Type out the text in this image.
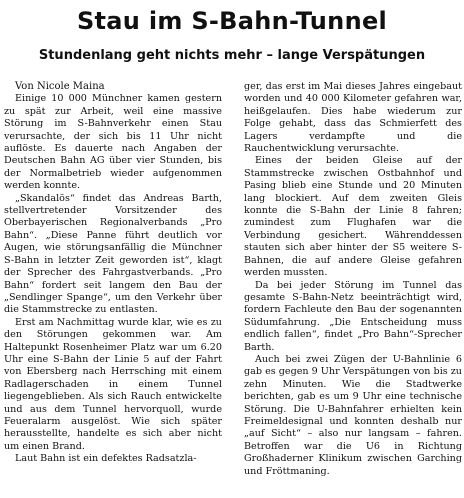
Stau im S-Bahn-Tunnel
Stundenlang geht nichts mehr – lange Verspätungen

Von Nicole Maina

Einige 10 000 Münchner kamen gestern zu spät zur Arbeit, weil eine massive Störung im S-Bahnverkehr einen Stau verursachte, der sich bis 11 Uhr nicht auflöste. Es dauerte nach Angaben der Deutschen Bahn AG über vier Stunden, bis der Normalbetrieb wieder aufgenommen werden konnte.

„Skandalös“ findet das Andreas Barth, stellvertretender Vorsitzender des Oberbayerischen Regionalverbands „Pro Bahn“. „Diese Panne führt deutlich vor Augen, wie störungsanfällig die Münchner S-Bahn in letzter Zeit geworden ist“, klagt der Sprecher des Fahrgastverbands. „Pro Bahn“ fordert seit langem den Bau der „Sendlinger Spange“, um den Verkehr über die Stammstrecke zu entlasten.

Erst am Nachmittag wurde klar, wie es zu den Störungen gekommen war. Am Haltepunkt Rosenheimer Platz war um 6.20 Uhr eine S-Bahn der Linie 5 auf der Fahrt von Ebersberg nach Herrsching mit einem Radlagerschaden in einem Tunnel liegengeblieben. Als sich Rauch entwickelte und aus dem Tunnel hervorquoll, wurde Feueralarm ausgelöst. Wie sich später herausstellte, handelte es sich aber nicht um einen Brand.

Laut Bahn ist ein defektes Radsatzla-

ger, das erst im Mai dieses Jahres eingebaut worden und 40 000 Kilometer gefahren war, heißgelaufen. Dies habe wiederum zur Folge gehabt, dass das Schmierfett des Lagers verdampfte und die Rauchentwicklung verursachte.

Eines der beiden Gleise auf der Stammstrecke zwischen Ostbahnhof und Pasing blieb eine Stunde und 20 Minuten lang blockiert. Auf dem zweiten Gleis konnte die S-Bahn der Linie 8 fahren; zumindest zum Flughafen war die Verbindung gesichert. Währenddessen stauten sich aber hinter der S5 weitere S-Bahnen, die auf andere Gleise gefahren werden mussten.

Da bei jeder Störung im Tunnel das gesamte S-Bahn-Netz beeinträchtigt wird, fordern Fachleute den Bau der sogenannten Südumfahrung. „Die Entscheidung muss endlich fallen“, findet „Pro Bahn“-Sprecher Barth.

Auch bei zwei Zügen der U-Bahnlinie 6 gab es gegen 9 Uhr Verspätungen von bis zu zehn Minuten. Wie die Stadtwerke berichten, gab es um 9 Uhr eine technische Störung. Die U-Bahnfahrer erhielten kein Freimeldesignal und konnten deshalb nur „auf Sicht“ – also nur langsam – fahren. Betroffen war die U6 in Richtung Großhaderner Klinikum zwischen Garching und Fröttmaning.
